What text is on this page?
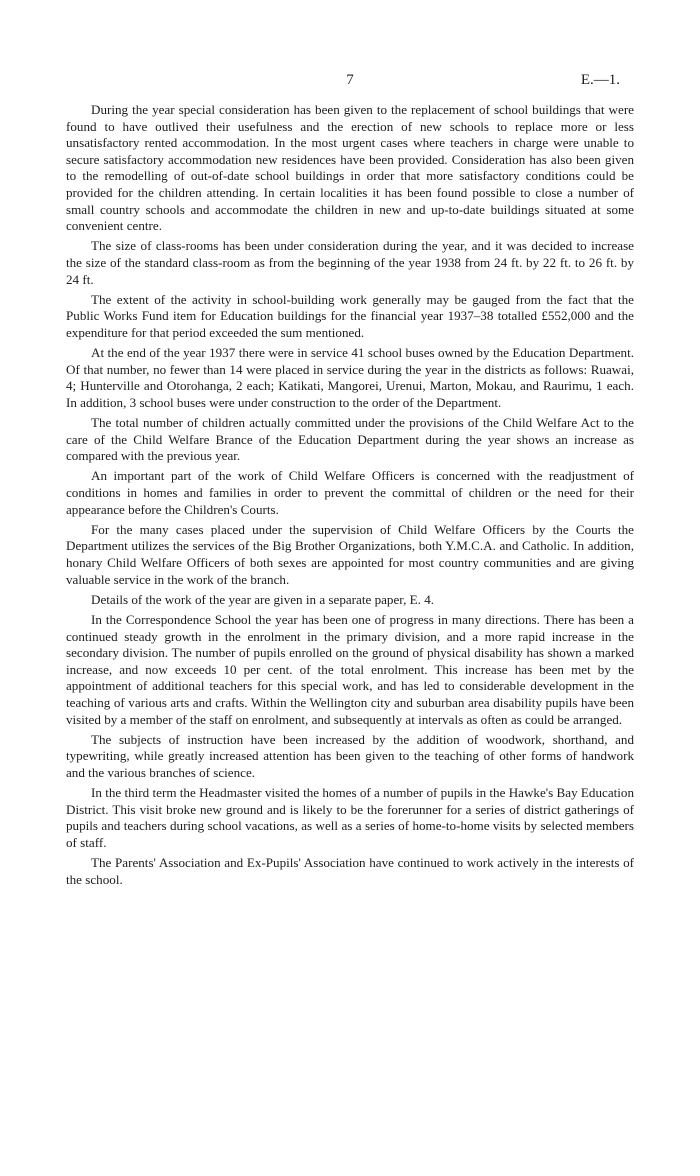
7	E.—1.

During the year special consideration has been given to the replacement of school buildings that were found to have outlived their usefulness and the erection of new schools to replace more or less unsatisfactory rented accommodation. In the most urgent cases where teachers in charge were unable to secure satisfactory accommodation new residences have been provided. Consideration has also been given to the remodelling of out-of-date school buildings in order that more satisfactory conditions could be provided for the children attending. In certain localities it has been found possible to close a number of small country schools and accommodate the children in new and up-to-date buildings situated at some convenient centre.

The size of class-rooms has been under consideration during the year, and it was decided to increase the size of the standard class-room as from the beginning of the year 1938 from 24 ft. by 22 ft. to 26 ft. by 24 ft.

The extent of the activity in school-building work generally may be gauged from the fact that the Public Works Fund item for Education buildings for the financial year 1937–38 totalled £552,000 and the expenditure for that period exceeded the sum mentioned.

At the end of the year 1937 there were in service 41 school buses owned by the Education Department. Of that number, no fewer than 14 were placed in service during the year in the districts as follows: Ruawai, 4; Hunterville and Otorohanga, 2 each; Katikati, Mangorei, Urenui, Marton, Mokau, and Raurimu, 1 each. In addition, 3 school buses were under construction to the order of the Department.

The total number of children actually committed under the provisions of the Child Welfare Act to the care of the Child Welfare Brance of the Education Department during the year shows an increase as compared with the previous year.

An important part of the work of Child Welfare Officers is concerned with the readjustment of conditions in homes and families in order to prevent the committal of children or the need for their appearance before the Children's Courts.

For the many cases placed under the supervision of Child Welfare Officers by the Courts the Department utilizes the services of the Big Brother Organizations, both Y.M.C.A. and Catholic. In addition, honary Child Welfare Officers of both sexes are appointed for most country communities and are giving valuable service in the work of the branch.

Details of the work of the year are given in a separate paper, E. 4.

In the Correspondence School the year has been one of progress in many directions. There has been a continued steady growth in the enrolment in the primary division, and a more rapid increase in the secondary division. The number of pupils enrolled on the ground of physical disability has shown a marked increase, and now exceeds 10 per cent. of the total enrolment. This increase has been met by the appointment of additional teachers for this special work, and has led to considerable development in the teaching of various arts and crafts. Within the Wellington city and suburban area disability pupils have been visited by a member of the staff on enrolment, and subsequently at intervals as often as could be arranged.

The subjects of instruction have been increased by the addition of woodwork, shorthand, and typewriting, while greatly increased attention has been given to the teaching of other forms of handwork and the various branches of science.

In the third term the Headmaster visited the homes of a number of pupils in the Hawke's Bay Education District. This visit broke new ground and is likely to be the forerunner for a series of district gatherings of pupils and teachers during school vacations, as well as a series of home-to-home visits by selected members of staff.

The Parents' Association and Ex-Pupils' Association have continued to work actively in the interests of the school.
